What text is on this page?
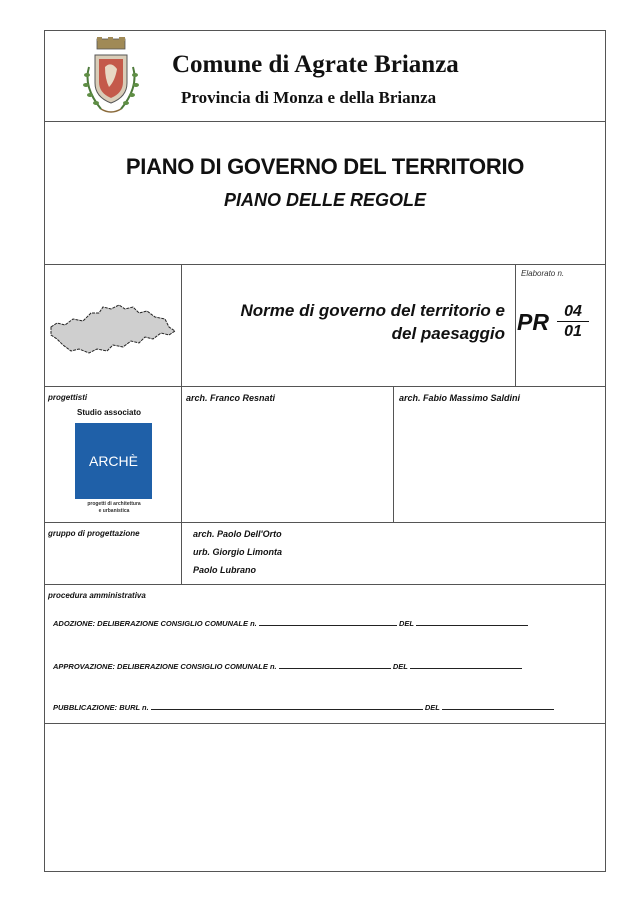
Comune di Agrate Brianza
Provincia di Monza e della Brianza
PIANO DI GOVERNO DEL TERRITORIO
PIANO DELLE REGOLE
Norme di governo del territorio e
del paesaggio
Elaborato n.
PR $\frac{04}{01}$
progettisti
Studio associato
ARCHÈ
progetti di architettura
e urbanistica
arch. Franco Resnati	arch. Fabio Massimo Saldini
gruppo di progettazione	arch. Paolo Dell'Orto
urb. Giorgio Limonta
Paolo Lubrano
procedura amministrativa
ADOZIONE: DELIBERAZIONE CONSIGLIO COMUNALE n.	DEL
APPROVAZIONE: DELIBERAZIONE CONSIGLIO COMUNALE n.	DEL
PUBBLICAZIONE: BURL n.	DEL
